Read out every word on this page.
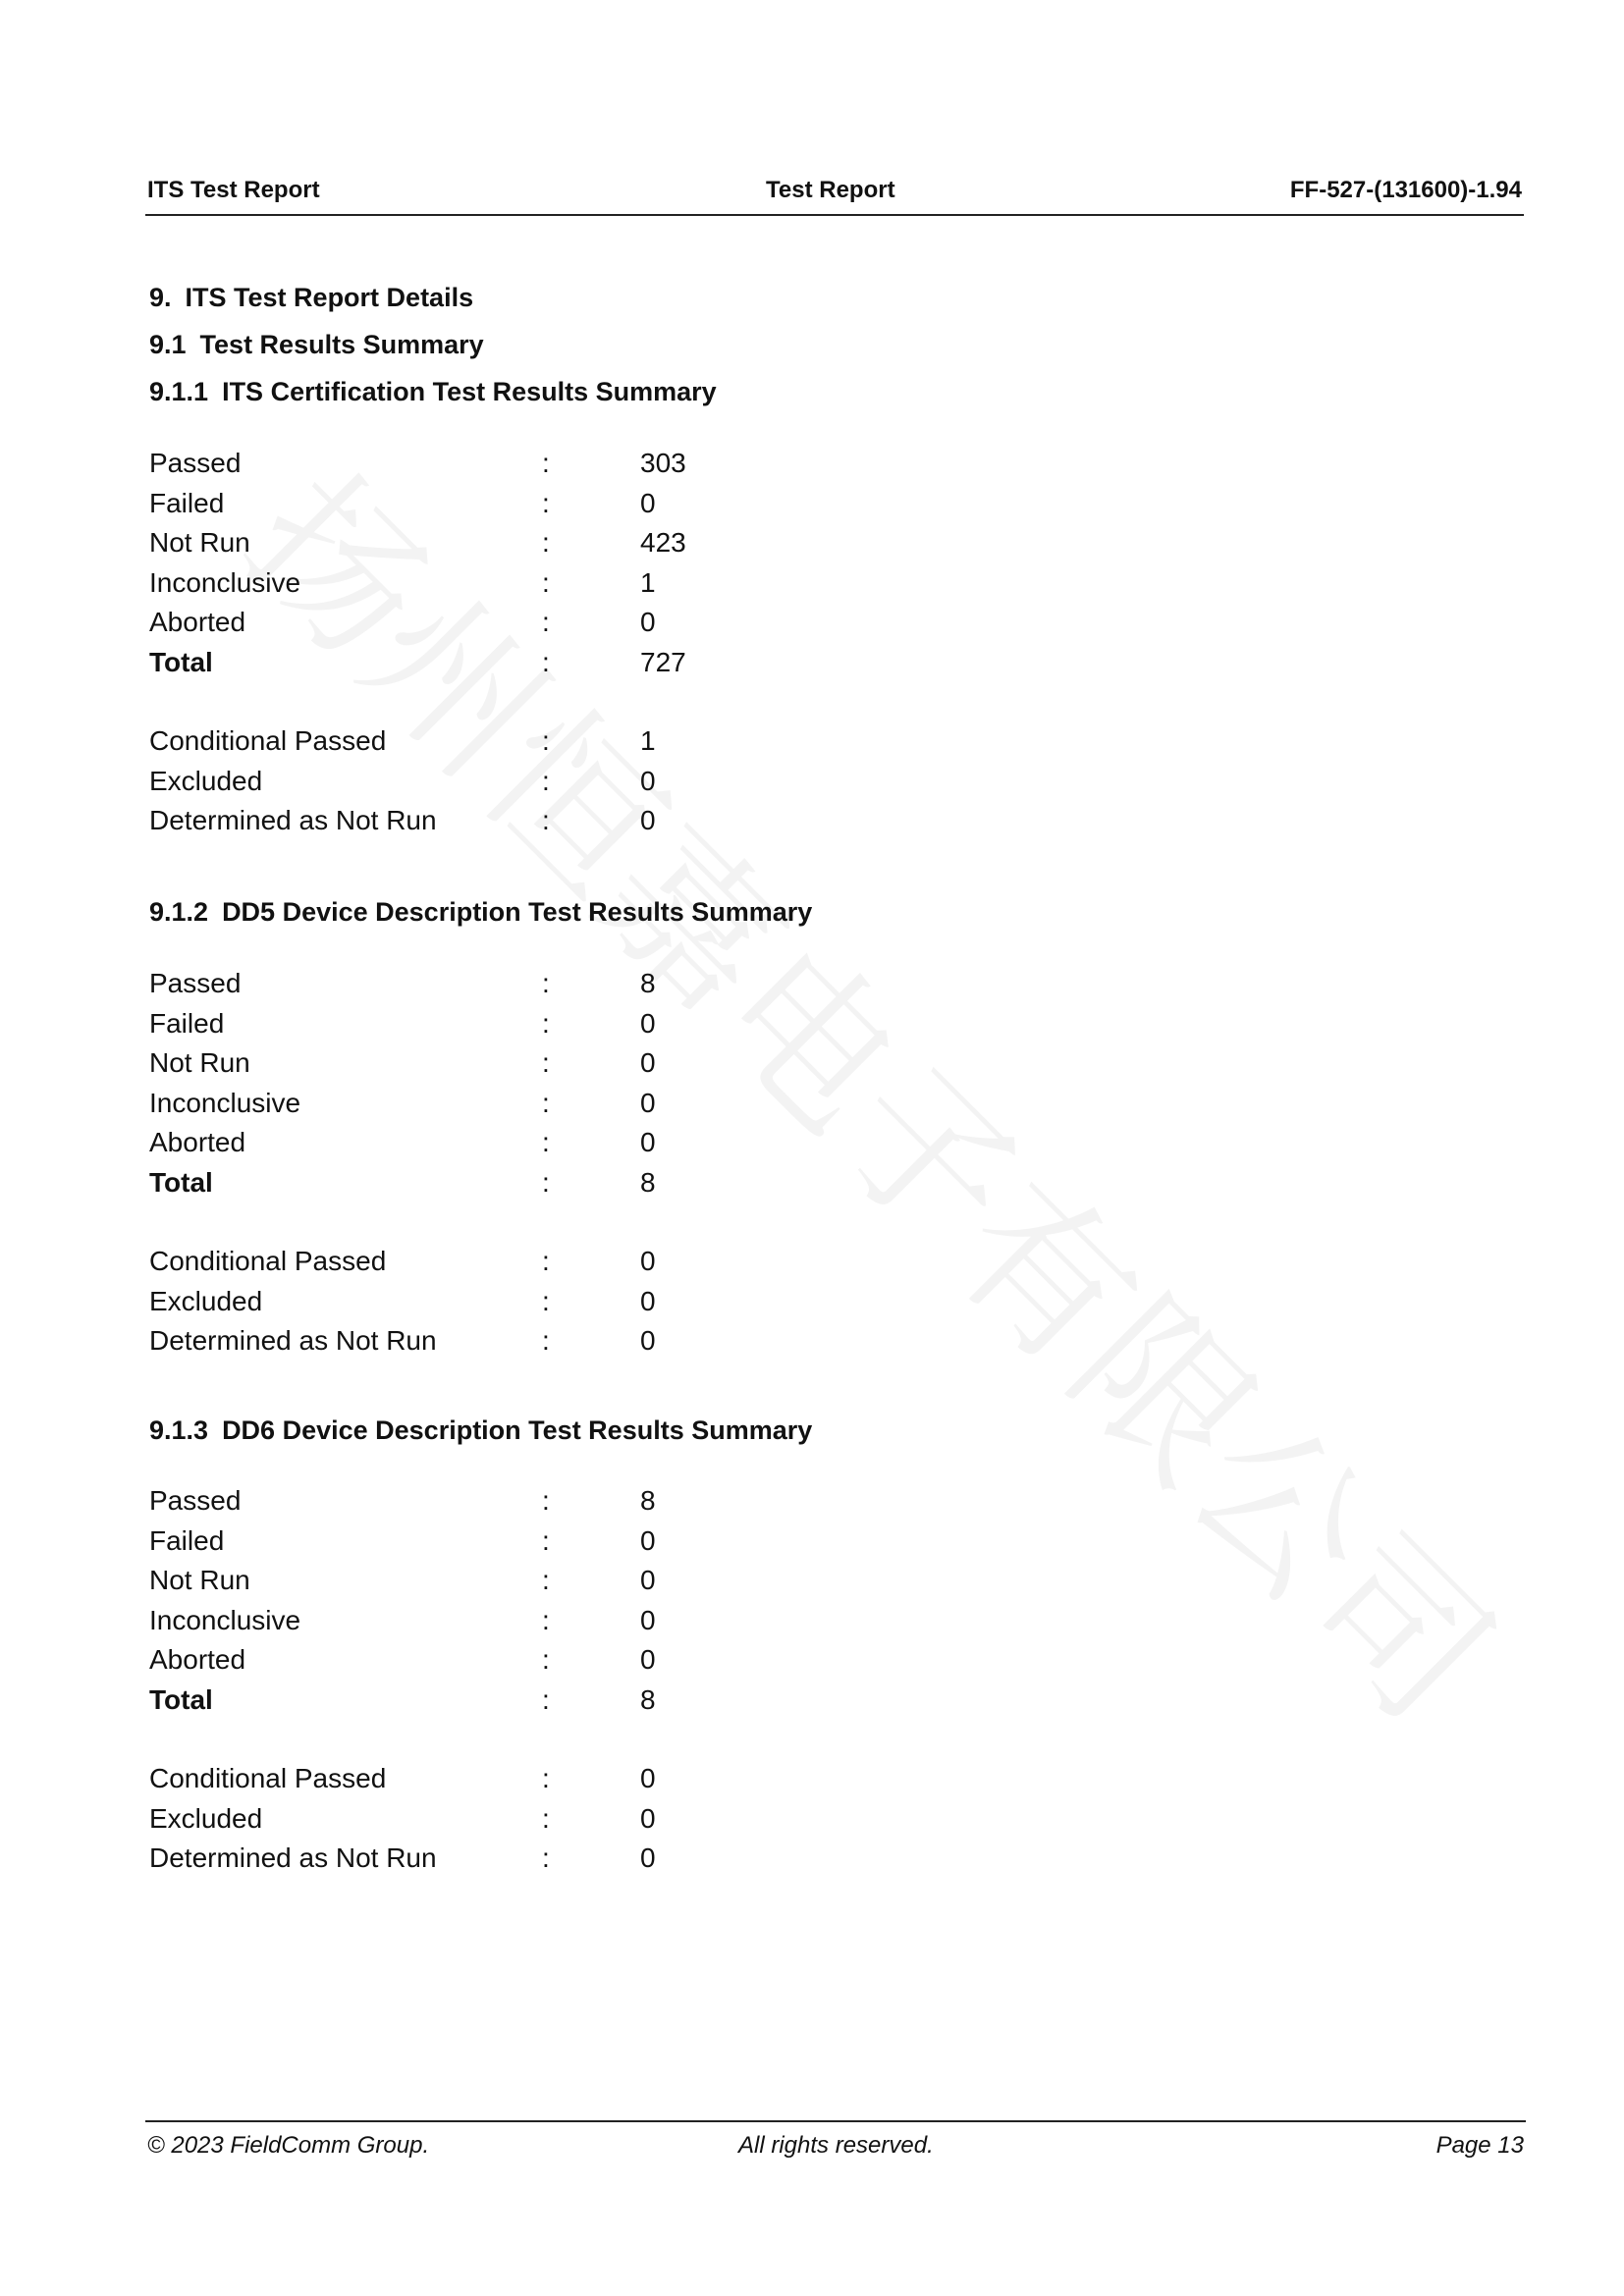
ITS Test Report	Test Report	FF-527-(131600)-1.94
9. ITS Test Report Details
9.1 Test Results Summary
9.1.1 ITS Certification Test Results Summary
Passed	:	303
Failed	:	0
Not Run	:	423
Inconclusive	:	1
Aborted	:	0
Total	:	727
Conditional Passed	:	1
Excluded	:	0
Determined as Not Run	:	0
9.1.2 DD5 Device Description Test Results Summary
Passed	:	8
Failed	:	0
Not Run	:	0
Inconclusive	:	0
Aborted	:	0
Total	:	8
Conditional Passed	:	0
Excluded	:	0
Determined as Not Run	:	0
9.1.3 DD6 Device Description Test Results Summary
Passed	:	8
Failed	:	0
Not Run	:	0
Inconclusive	:	0
Aborted	:	0
Total	:	8
Conditional Passed	:	0
Excluded	:	0
Determined as Not Run	:	0
© 2023 FieldComm Group.	All rights reserved.	Page 13
